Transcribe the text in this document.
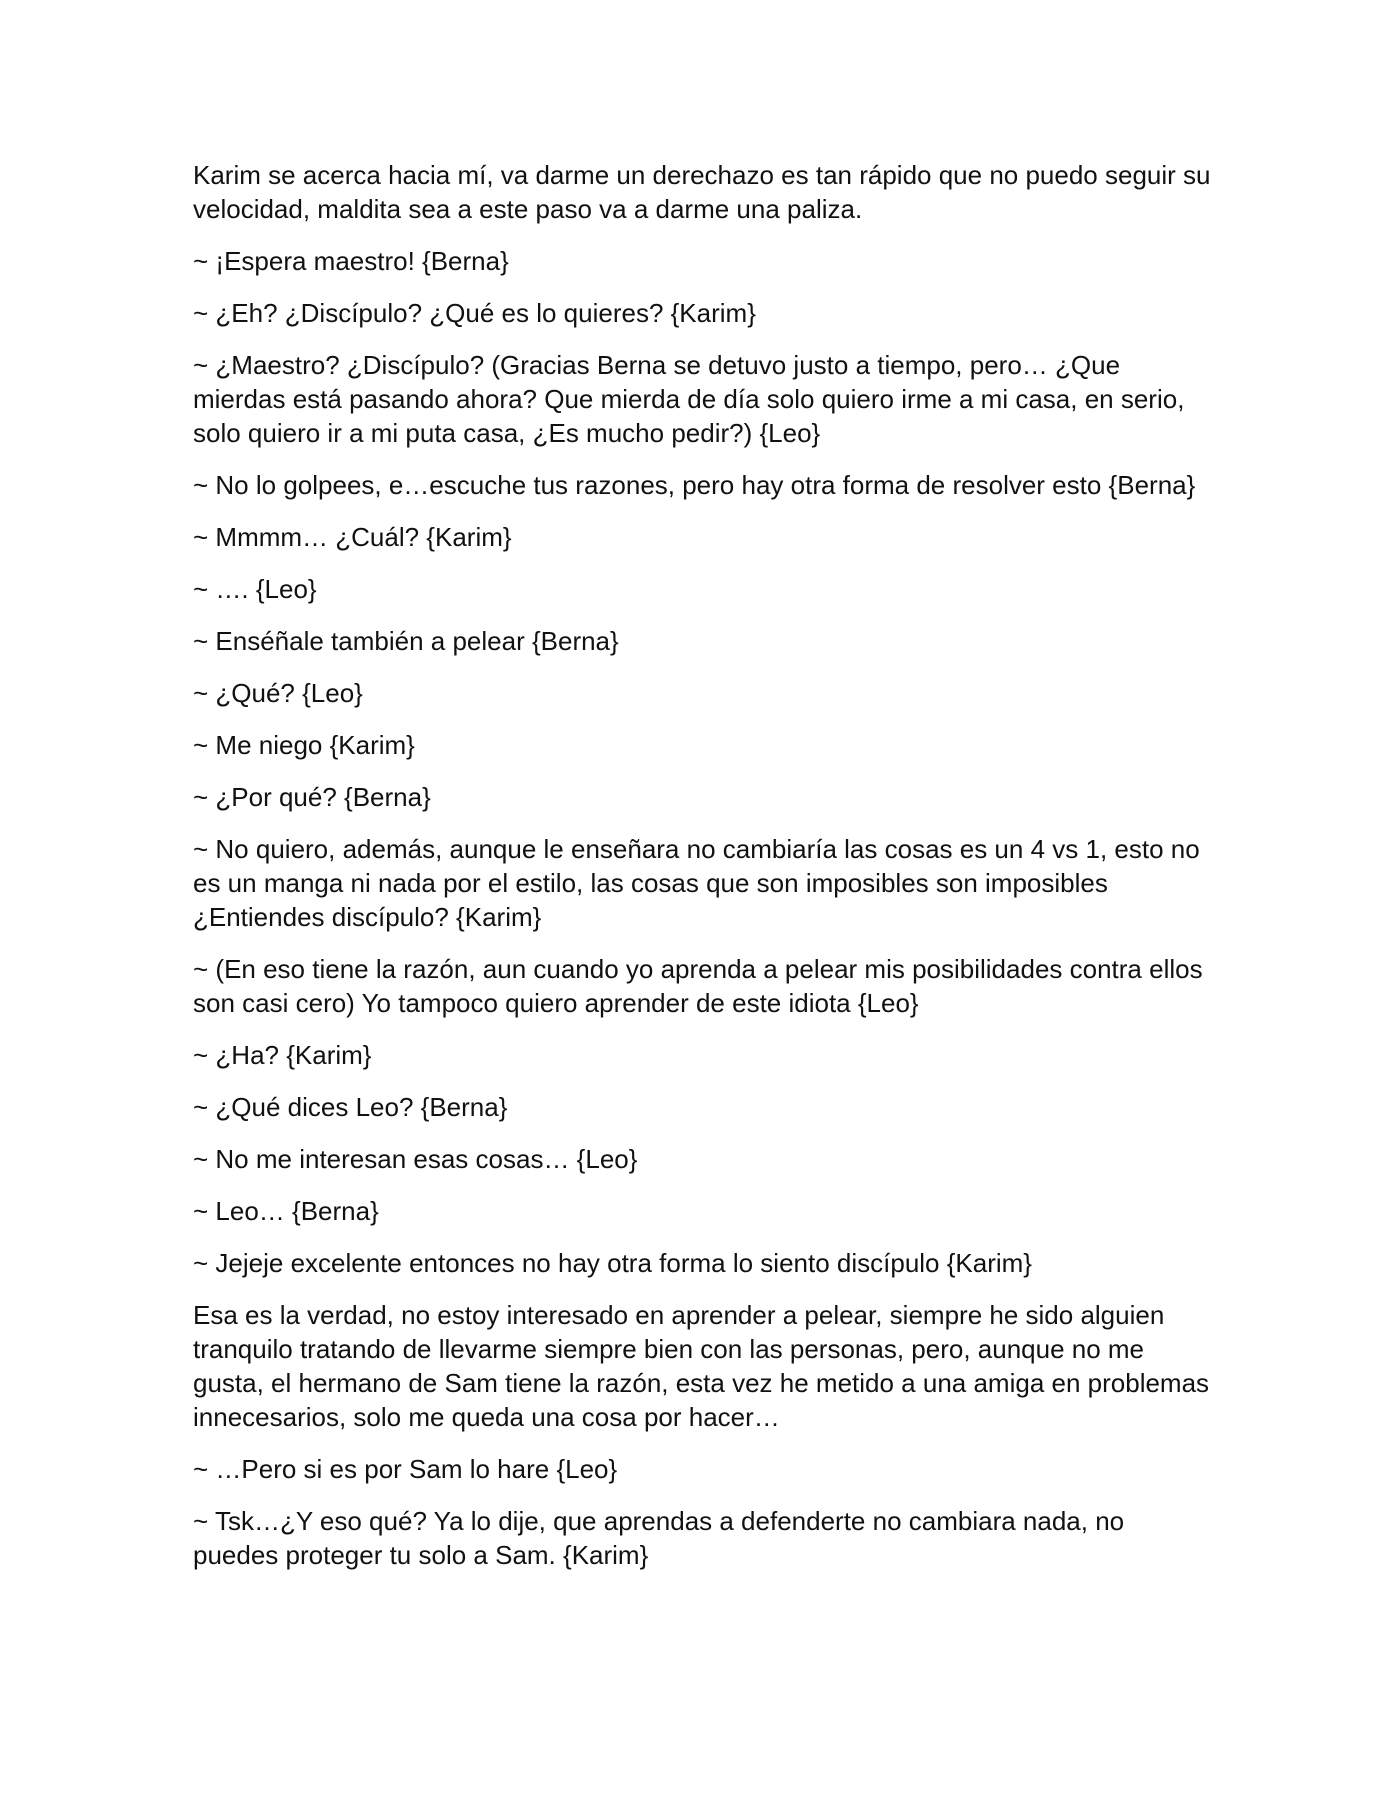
Karim se acerca hacia mí, va darme un derechazo es tan rápido que no puedo seguir su velocidad, maldita sea a este paso va a darme una paliza.

~ ¡Espera maestro! {Berna}

~ ¿Eh? ¿Discípulo? ¿Qué es lo quieres? {Karim}

~ ¿Maestro? ¿Discípulo? (Gracias Berna se detuvo justo a tiempo, pero… ¿Que mierdas está pasando ahora? Que mierda de día solo quiero irme a mi casa, en serio, solo quiero ir a mi puta casa, ¿Es mucho pedir?) {Leo}

~ No lo golpees, e…escuche tus razones, pero hay otra forma de resolver esto {Berna}

~ Mmmm… ¿Cuál? {Karim}

~ …. {Leo}

~ Enséñale también a pelear {Berna}

~ ¿Qué? {Leo}

~ Me niego {Karim}

~ ¿Por qué? {Berna}

~ No quiero, además, aunque le enseñara no cambiaría las cosas es un 4 vs 1, esto no es un manga ni nada por el estilo, las cosas que son imposibles son imposibles ¿Entiendes discípulo? {Karim}

~ (En eso tiene la razón, aun cuando yo aprenda a pelear mis posibilidades contra ellos son casi cero) Yo tampoco quiero aprender de este idiota {Leo}

~ ¿Ha? {Karim}

~ ¿Qué dices Leo? {Berna}

~ No me interesan esas cosas… {Leo}

~ Leo… {Berna}

~ Jejeje excelente entonces no hay otra forma lo siento discípulo {Karim}

Esa es la verdad, no estoy interesado en aprender a pelear, siempre he sido alguien tranquilo tratando de llevarme siempre bien con las personas, pero, aunque no me gusta, el hermano de Sam tiene la razón, esta vez he metido a una amiga en problemas innecesarios, solo me queda una cosa por hacer…

~ …Pero si es por Sam lo hare {Leo}

~ Tsk…¿Y eso qué? Ya lo dije, que aprendas a defenderte no cambiara nada, no puedes proteger tu solo a Sam. {Karim}
